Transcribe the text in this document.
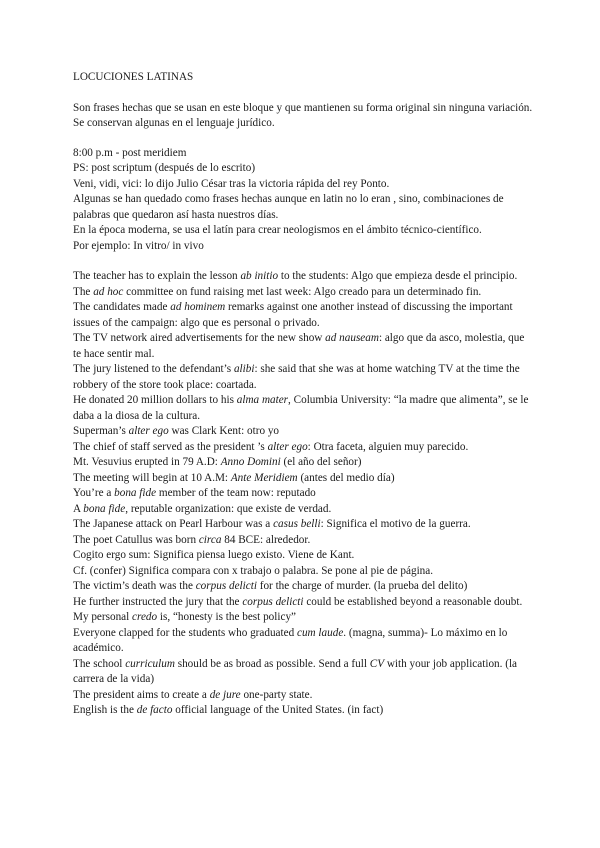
LOCUCIONES LATINAS

Son frases hechas que se usan en este bloque y que mantienen su forma original sin ninguna variación. Se conservan algunas en el lenguaje jurídico.

8:00 p.m - post meridiem

PS: post scriptum (después de lo escrito)

Veni, vidi, vici: lo dijo Julio César tras la victoria rápida del rey Ponto.

Algunas se han quedado como frases hechas aunque en latin no lo eran , sino, combinaciones de palabras que quedaron así hasta nuestros días.

En la época moderna, se usa el latín para crear neologismos en el ámbito técnico-científico.

Por ejemplo: In vitro/ in vivo

The teacher has to explain the lesson ab initio to the students: Algo que empieza desde el principio.

The ad hoc committee on fund raising met last week: Algo creado para un determinado fin.

The candidates made ad hominem remarks against one another instead of discussing the important issues of the campaign: algo que es personal o privado.

The TV network aired advertisements for the new show ad nauseam: algo que da asco, molestia, que te hace sentir mal.

The jury listened to the defendant’s alibi: she said that she was at home watching TV at the time the robbery of the store took place: coartada.

He donated 20 million dollars to his alma mater, Columbia University: “la madre que alimenta”, se le daba a la diosa de la cultura.

Superman’s alter ego was Clark Kent: otro yo

The chief of staff served as the president ’s alter ego: Otra faceta, alguien muy parecido.

Mt. Vesuvius erupted in 79 A.D: Anno Domini (el año del señor)

The meeting will begin at 10 A.M: Ante Meridiem (antes del medio día)

You’re a bona fide member of the team now: reputado

A bona fide, reputable organization: que existe de verdad.

The Japanese attack on Pearl Harbour was a casus belli: Significa el motivo de la guerra.

The poet Catullus was born circa 84 BCE: alrededor.

Cogito ergo sum: Significa piensa luego existo. Viene de Kant.

Cf. (confer) Significa compara con x trabajo o palabra. Se pone al pie de página.

The victim’s death was the corpus delicti for the charge of murder. (la prueba del delito)

He further instructed the jury that the corpus delicti could be established beyond a reasonable doubt.

My personal credo is, “honesty is the best policy”

Everyone clapped for the students who graduated cum laude. (magna, summa)- Lo máximo en lo académico.

The school curriculum should be as broad as possible. Send a full CV with your job application. (la carrera de la vida)

The president aims to create a de jure one-party state.

English is the de facto official language of the United States. (in fact)
